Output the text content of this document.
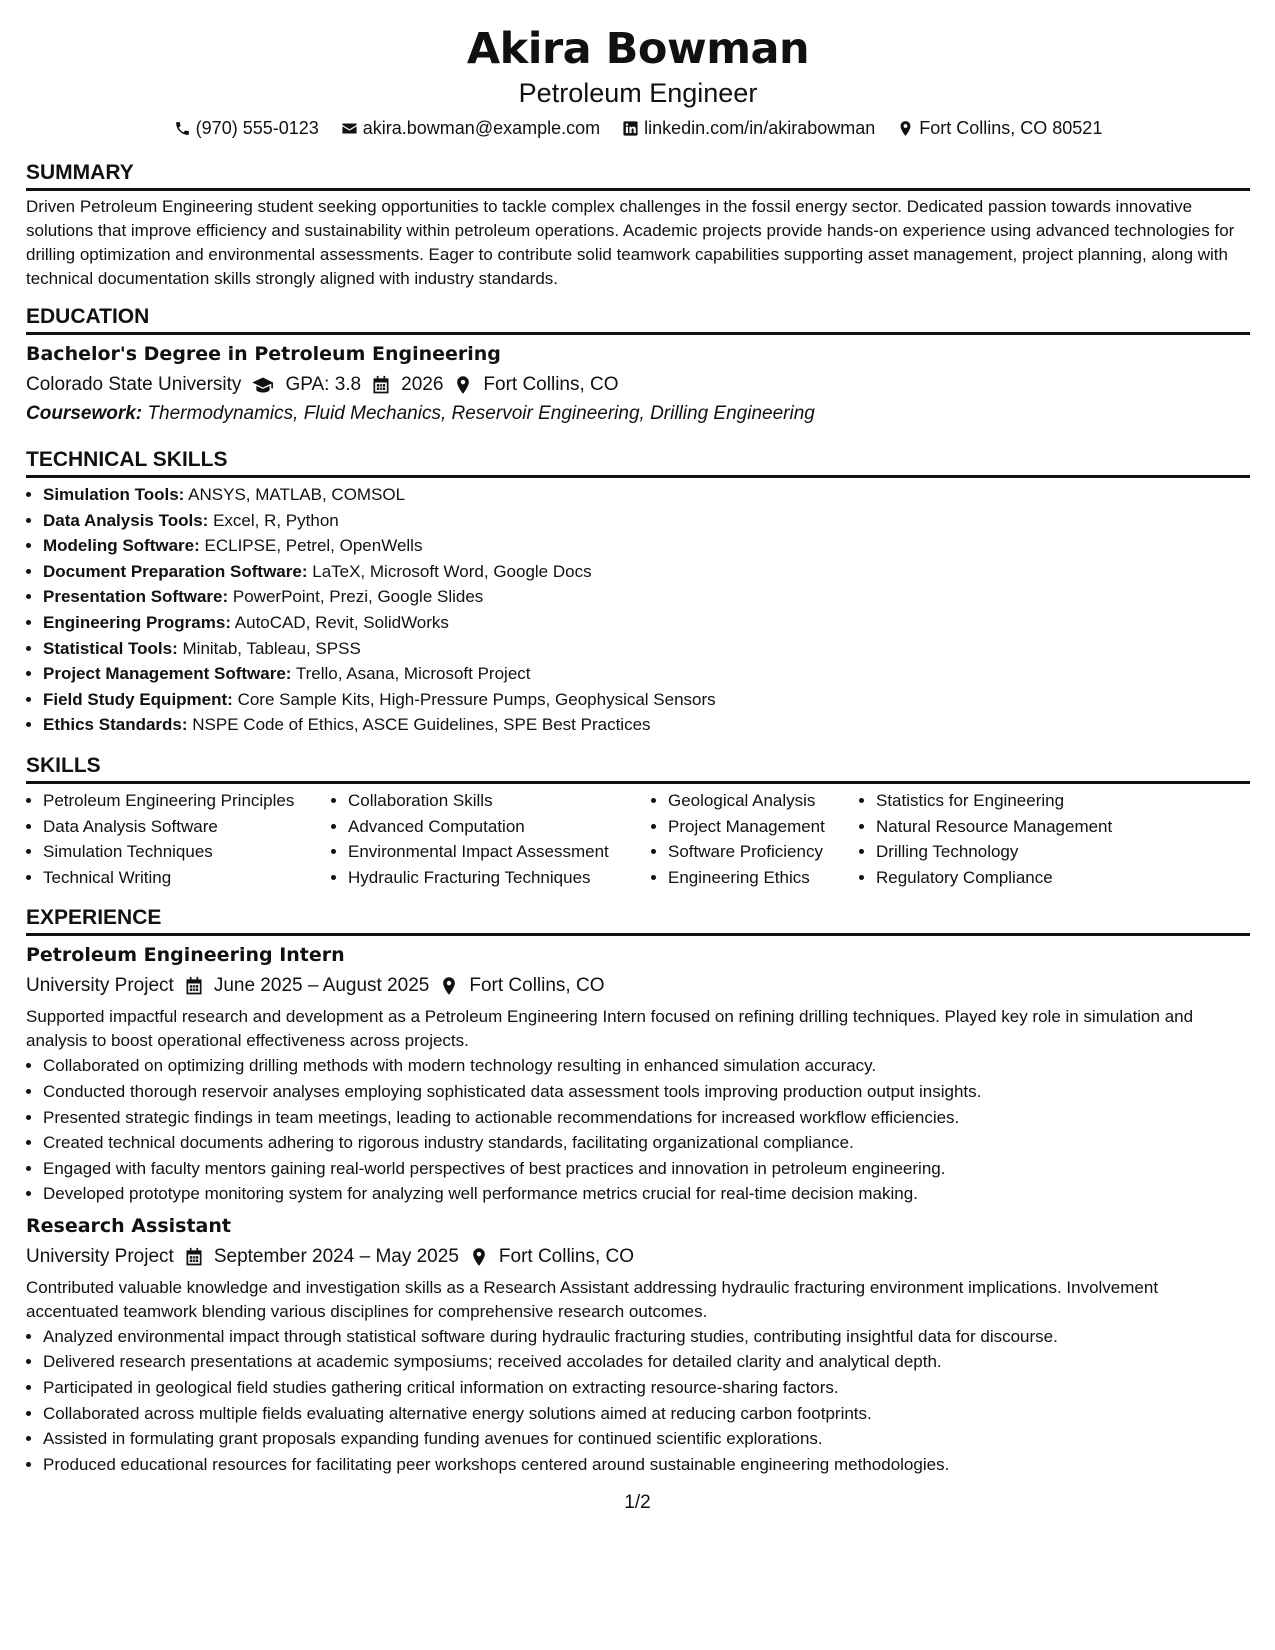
Akira Bowman
Petroleum Engineer
(970) 555-0123 akira.bowman@example.com linkedin.com/in/akirabowman Fort Collins, CO 80521
SUMMARY

Driven Petroleum Engineering student seeking opportunities to tackle complex challenges in the fossil energy sector. Dedicated passion towards innovative solutions that improve efficiency and sustainability within petroleum operations. Academic projects provide hands-on experience using advanced technologies for drilling optimization and environmental assessments. Eager to contribute solid teamwork capabilities supporting asset management, project planning, along with technical documentation skills strongly aligned with industry standards.

EDUCATION
Bachelor's Degree in Petroleum Engineering
Colorado State University GPA: 3.8 2026 Fort Collins, CO
Coursework: Thermodynamics, Fluid Mechanics, Reservoir Engineering, Drilling Engineering
TECHNICAL SKILLS
• Simulation Tools: ANSYS, MATLAB, COMSOL
• Data Analysis Tools: Excel, R, Python
• Modeling Software: ECLIPSE, Petrel, OpenWells
• Document Preparation Software: LaTeX, Microsoft Word, Google Docs
• Presentation Software: PowerPoint, Prezi, Google Slides
• Engineering Programs: AutoCAD, Revit, SolidWorks
• Statistical Tools: Minitab, Tableau, SPSS
• Project Management Software: Trello, Asana, Microsoft Project
• Field Study Equipment: Core Sample Kits, High-Pressure Pumps, Geophysical Sensors
• Ethics Standards: NSPE Code of Ethics, ASCE Guidelines, SPE Best Practices
SKILLS
• Petroleum Engineering Principles
• Data Analysis Software
• Simulation Techniques
• Technical Writing
• Collaboration Skills
• Advanced Computation
• Environmental Impact Assessment
• Hydraulic Fracturing Techniques
• Geological Analysis
• Project Management
• Software Proficiency
• Engineering Ethics
• Statistics for Engineering
• Natural Resource Management
• Drilling Technology
• Regulatory Compliance
EXPERIENCE
Petroleum Engineering Intern
University Project June 2025 – August 2025 Fort Collins, CO

Supported impactful research and development as a Petroleum Engineering Intern focused on refining drilling techniques. Played key role in simulation and analysis to boost operational effectiveness across projects.

• Collaborated on optimizing drilling methods with modern technology resulting in enhanced simulation accuracy.
• Conducted thorough reservoir analyses employing sophisticated data assessment tools improving production output insights.
• Presented strategic findings in team meetings, leading to actionable recommendations for increased workflow efficiencies.
• Created technical documents adhering to rigorous industry standards, facilitating organizational compliance.
• Engaged with faculty mentors gaining real-world perspectives of best practices and innovation in petroleum engineering.
• Developed prototype monitoring system for analyzing well performance metrics crucial for real-time decision making.
Research Assistant
University Project September 2024 – May 2025 Fort Collins, CO

Contributed valuable knowledge and investigation skills as a Research Assistant addressing hydraulic fracturing environment implications. Involvement accentuated teamwork blending various disciplines for comprehensive research outcomes.

• Analyzed environmental impact through statistical software during hydraulic fracturing studies, contributing insightful data for discourse.
• Delivered research presentations at academic symposiums; received accolades for detailed clarity and analytical depth.
• Participated in geological field studies gathering critical information on extracting resource-sharing factors.
• Collaborated across multiple fields evaluating alternative energy solutions aimed at reducing carbon footprints.
• Assisted in formulating grant proposals expanding funding avenues for continued scientific explorations.
• Produced educational resources for facilitating peer workshops centered around sustainable engineering methodologies.
1/2
